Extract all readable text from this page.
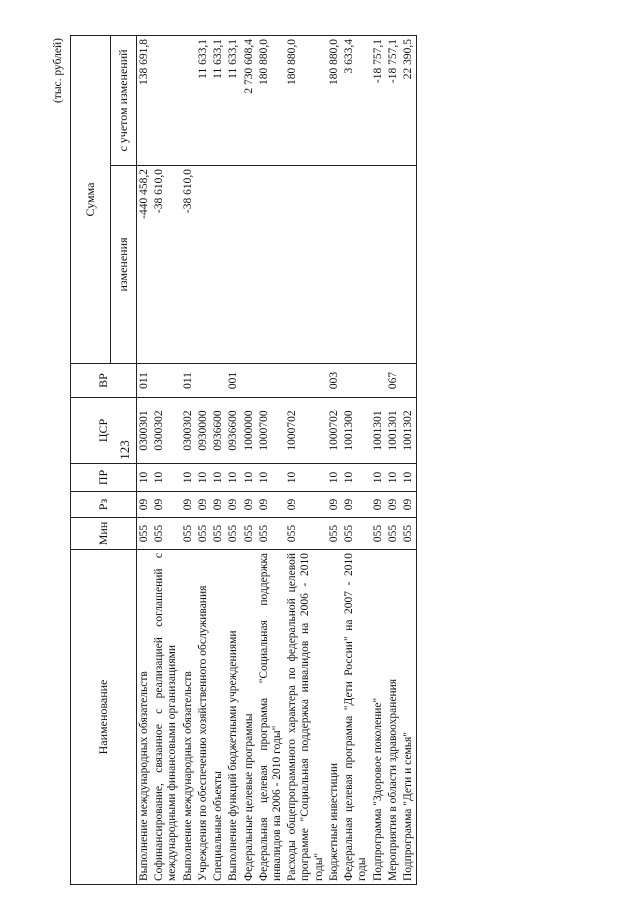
123
(тыс. рублей)
Наименование	Мин	Рз	ПР	ЦСР	ВР	Сумма	
						изменения	с учетом изменений
Выполнение международных обязательств	055	09	10	0300301	011	-440 458,2	138 691,8
Софинансирование, связанное с реализацией соглашений с международными финансовыми организациями	055	09	10	0300302		-38 610,0	
Выполнение международных обязательств	055	09	10	0300302	011	-38 610,0	
Учреждения по обеспечению хозяйственного обслуживания	055	09	10	0930000			11 633,1
Специальные объекты	055	09	10	0936600			11 633,1
Выполнение функций бюджетными учреждениями	055	09	10	0936600	001		11 633,1
Федеральные целевые программы	055	09	10	1000000			2 730 608,4
Федеральная целевая программа "Социальная поддержка инвалидов на 2006 - 2010 годы"	055	09	10	1000700			180 880,0
Расходы общепрограммного характера по федеральной целевой программе "Социальная поддержка инвалидов на 2006 - 2010 годы"	055	09	10	1000702			180 880,0
Бюджетные инвестиции	055	09	10	1000702	003		180 880,0
Федеральная целевая программа "Дети России" на 2007 - 2010 годы	055	09	10	1001300			3 633,4
Подпрограмма "Здоровое поколение"	055	09	10	1001301			-18 757,1
Мероприятия в области здравоохранения	055	09	10	1001301	067		-18 757,1
Подпрограмма "Дети и семья"	055	09	10	1001302			22 390,5
